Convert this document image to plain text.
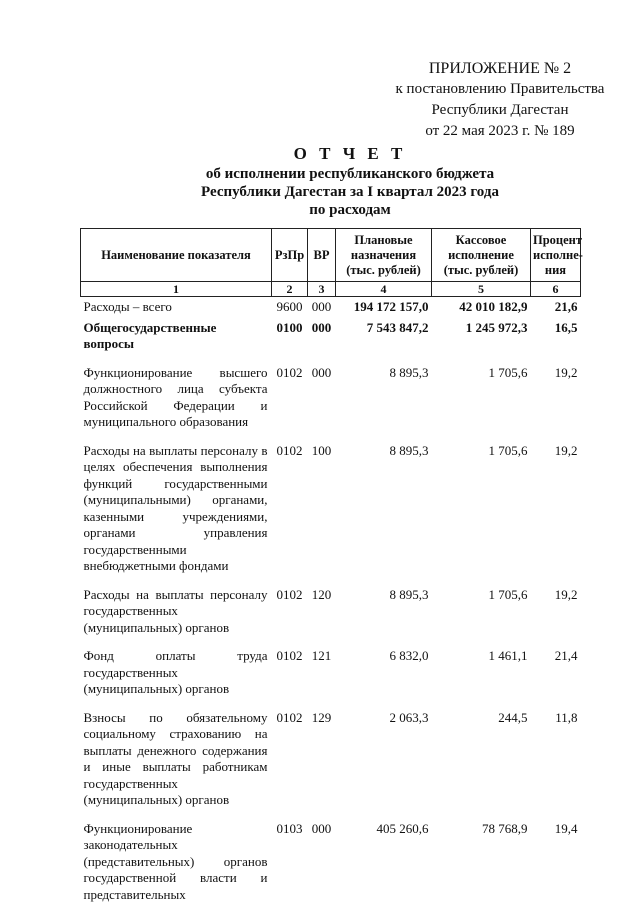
ПРИЛОЖЕНИЕ № 2
к постановлению Правительства
Республики Дагестан
от 22 мая 2023 г. № 189
О Т Ч Е Т
об исполнении республиканского бюджета
Республики Дагестан за I квартал 2023 года
по расходам
Наименование показателя	РзПр	ВР	Плановые назначения (тыс. рублей)	Кассовое исполнение (тыс. рублей)	Процент исполне-ния
1	2	3	4	5	6
Расходы – всего	9600	000	194 172 157,0	42 010 182,9	21,6
Общегосударственные вопросы	0100	000	7 543 847,2	1 245 972,3	16,5
Функционирование высшего должностного лица субъекта Российской Федерации и муниципального образования	0102	000	8 895,3	1 705,6	19,2
Расходы на выплаты персоналу в целях обеспечения выполнения функций государственными (муниципальными) органами, казенными учреждениями, органами управления государственными внебюджетными фондами	0102	100	8 895,3	1 705,6	19,2
Расходы на выплаты персоналу государственных (муниципальных) органов	0102	120	8 895,3	1 705,6	19,2
Фонд оплаты труда государственных (муниципальных) органов	0102	121	6 832,0	1 461,1	21,4
Взносы по обязательному социальному страхованию на выплаты денежного содержания и иные выплаты работникам государственных (муниципальных) органов	0102	129	2 063,3	244,5	11,8
Функционирование законодательных (представительных) органов государственной власти и представительных	0103	000	405 260,6	78 768,9	19,4
